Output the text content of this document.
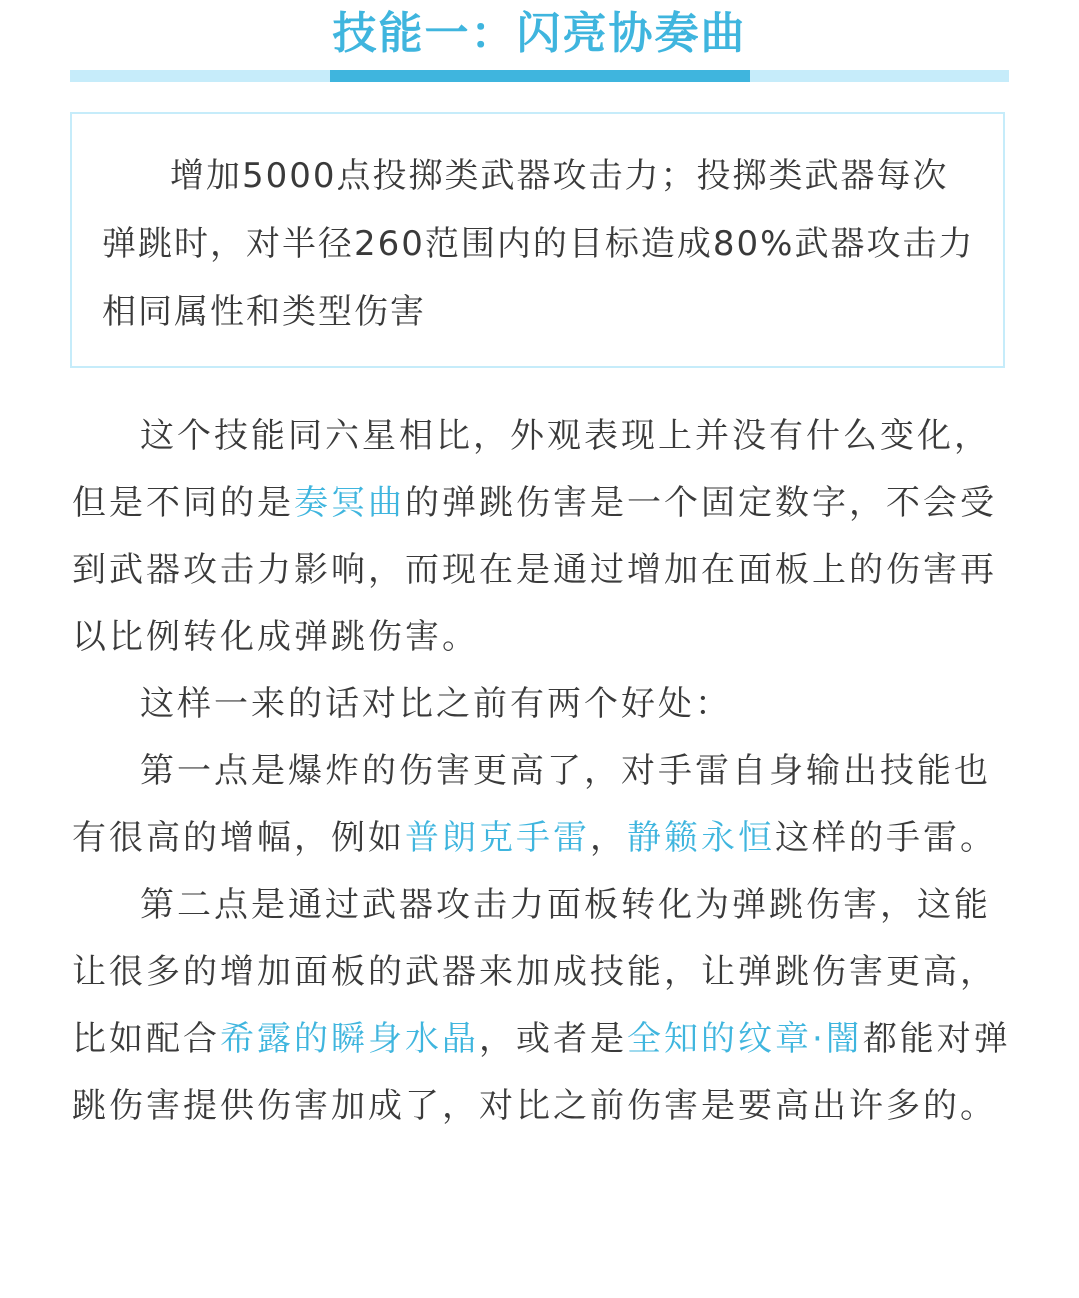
技能一：闪亮协奏曲

增加5000点投掷类武器攻击力；投掷类武器每次弹跳时，对半径260范围内的目标造成80%武器攻击力相同属性和类型伤害

这个技能同六星相比，外观表现上并没有什么变化，但是不同的是奏冥曲的弹跳伤害是一个固定数字，不会受到武器攻击力影响，而现在是通过增加在面板上的伤害再以比例转化成弹跳伤害。

这样一来的话对比之前有两个好处：

第一点是爆炸的伤害更高了，对手雷自身输出技能也有很高的增幅，例如普朗克手雷，静籁永恒这样的手雷。

第二点是通过武器攻击力面板转化为弹跳伤害，这能让很多的增加面板的武器来加成技能，让弹跳伤害更高，比如配合希露的瞬身水晶，或者是全知的纹章·闇都能对弹跳伤害提供伤害加成了，对比之前伤害是要高出许多的。
